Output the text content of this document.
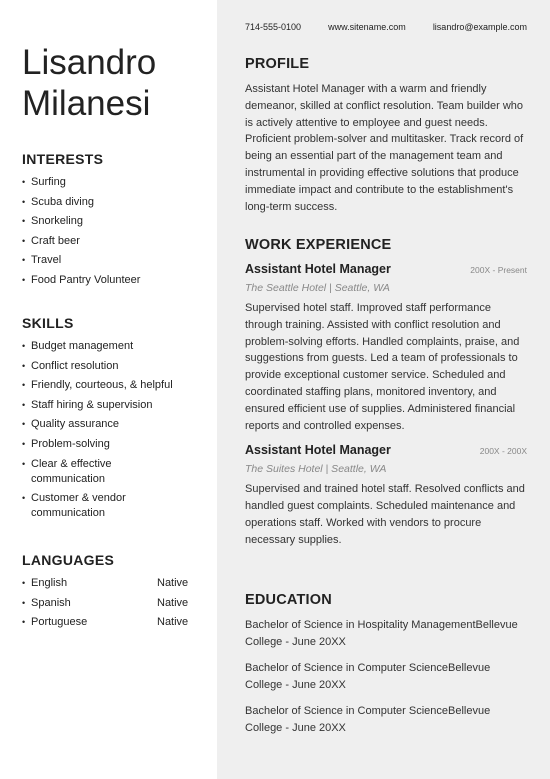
Lisandro
Milanesi
INTERESTS
• Surfing
• Scuba diving
• Snorkeling
• Craft beer
• Travel
• Food Pantry Volunteer
SKILLS
• Budget management
• Conflict resolution
• Friendly, courteous, & helpful
• Staff hiring & supervision
• Quality assurance
• Problem-solving
• Clear & effective communication
• Customer & vendor communication
LANGUAGES
• English	Native
• Spanish	Native
• Portuguese	Native
714-555-0100	www.sitename.com	lisandro@example.com
PROFILE

Assistant Hotel Manager with a warm and friendly demeanor, skilled at conflict resolution. Team builder who is actively attentive to employee and guest needs. Proficient problem-solver and multitasker. Track record of being an essential part of the management team and instrumental in providing effective solutions that produce immediate impact and contribute to the establishment's long-term success.

WORK EXPERIENCE
Assistant Hotel Manager	200X - Present
The Seattle Hotel | Seattle, WA

Supervised hotel staff. Improved staff performance through training. Assisted with conflict resolution and problem-solving efforts. Handled complaints, praise, and suggestions from guests. Led a team of professionals to provide exceptional customer service. Scheduled and coordinated staffing plans, monitored inventory, and ensured efficient use of supplies. Administered financial reports and controlled expenses.

Assistant Hotel Manager	200X - 200X
The Suites Hotel | Seattle, WA

Supervised and trained hotel staff. Resolved conflicts and handled guest complaints. Scheduled maintenance and operations staff. Worked with vendors to procure necessary supplies.

EDUCATION

Bachelor of Science in Hospitality ManagementBellevue College - June 20XX

Bachelor of Science in Computer ScienceBellevue College - June 20XX

Bachelor of Science in Computer ScienceBellevue College - June 20XX
